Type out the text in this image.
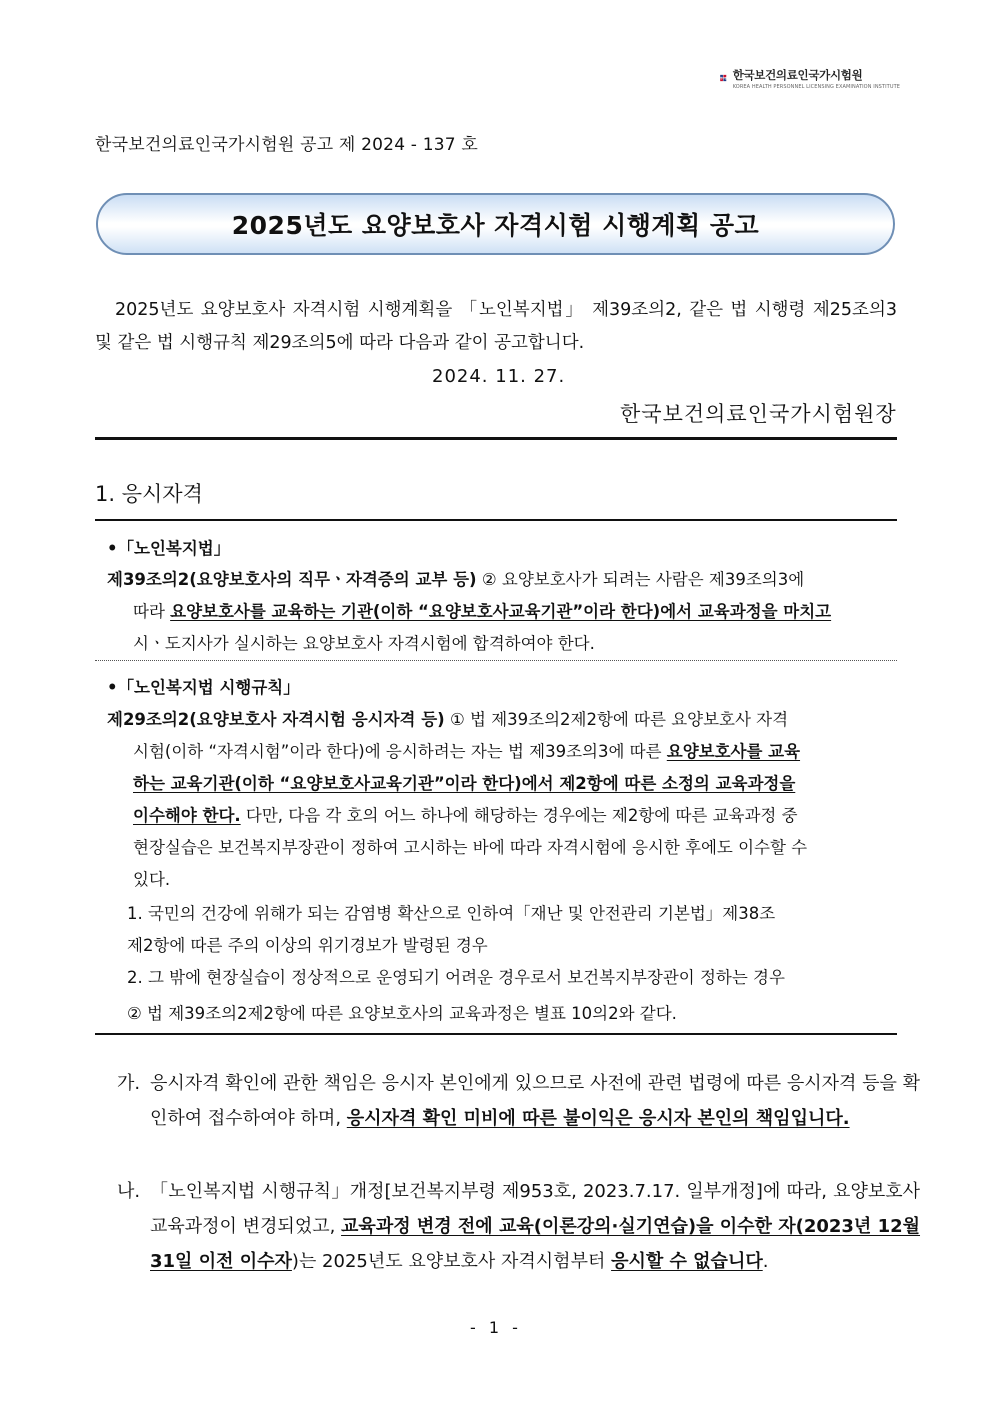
국시원 한국보건의료인국가시험원
KOREA HEALTH PERSONNEL LICENSING EXAMINATION INSTITUTE
한국보건의료인국가시험원 공고 제 2024 - 137 호
2025년도 요양보호사 자격시험 시행계획 공고
2025년도 요양보호사 자격시험 시행계획을 「노인복지법」 제39조의2, 같은 법 시행령 제25조의3 및 같은 법 시행규칙 제29조의5에 따라 다음과 같이 공고합니다.
2024. 11. 27.
한국보건의료인국가시험원장
1. 응시자격
•「노인복지법」
제39조의2(요양보호사의 직무ㆍ자격증의 교부 등) ② 요양보호사가 되려는 사람은 제39조의3에
따라 요양보호사를 교육하는 기관(이하 “요양보호사교육기관”이라 한다)에서 교육과정을 마치고
시ㆍ도지사가 실시하는 요양보호사 자격시험에 합격하여야 한다.
•「노인복지법 시행규칙」
제29조의2(요양보호사 자격시험 응시자격 등) ① 법 제39조의2제2항에 따른 요양보호사 자격
시험(이하 “자격시험”이라 한다)에 응시하려는 자는 법 제39조의3에 따른 요양보호사를 교육
하는 교육기관(이하 “요양보호사교육기관”이라 한다)에서 제2항에 따른 소정의 교육과정을
이수해야 한다. 다만, 다음 각 호의 어느 하나에 해당하는 경우에는 제2항에 따른 교육과정 중
현장실습은 보건복지부장관이 정하여 고시하는 바에 따라 자격시험에 응시한 후에도 이수할 수
있다.
1. 국민의 건강에 위해가 되는 감염병 확산으로 인하여「재난 및 안전관리 기본법」제38조
제2항에 따른 주의 이상의 위기경보가 발령된 경우
2. 그 밖에 현장실습이 정상적으로 운영되기 어려운 경우로서 보건복지부장관이 정하는 경우
② 법 제39조의2제2항에 따른 요양보호사의 교육과정은 별표 10의2와 같다.
가. 응시자격 확인에 관한 책임은 응시자 본인에게 있으므로 사전에 관련 법령에 따른 응시자격 등을 확인하여 접수하여야 하며, 응시자격 확인 미비에 따른 불이익은 응시자 본인의 책임입니다.
나. 「노인복지법 시행규칙」개정[보건복지부령 제953호, 2023.7.17. 일부개정]에 따라, 요양보호사 교육과정이 변경되었고, 교육과정 변경 전에 교육(이론강의·실기연습)을 이수한 자(2023년 12월 31일 이전 이수자)는 2025년도 요양보호사 자격시험부터 응시할 수 없습니다.
- 1 -
